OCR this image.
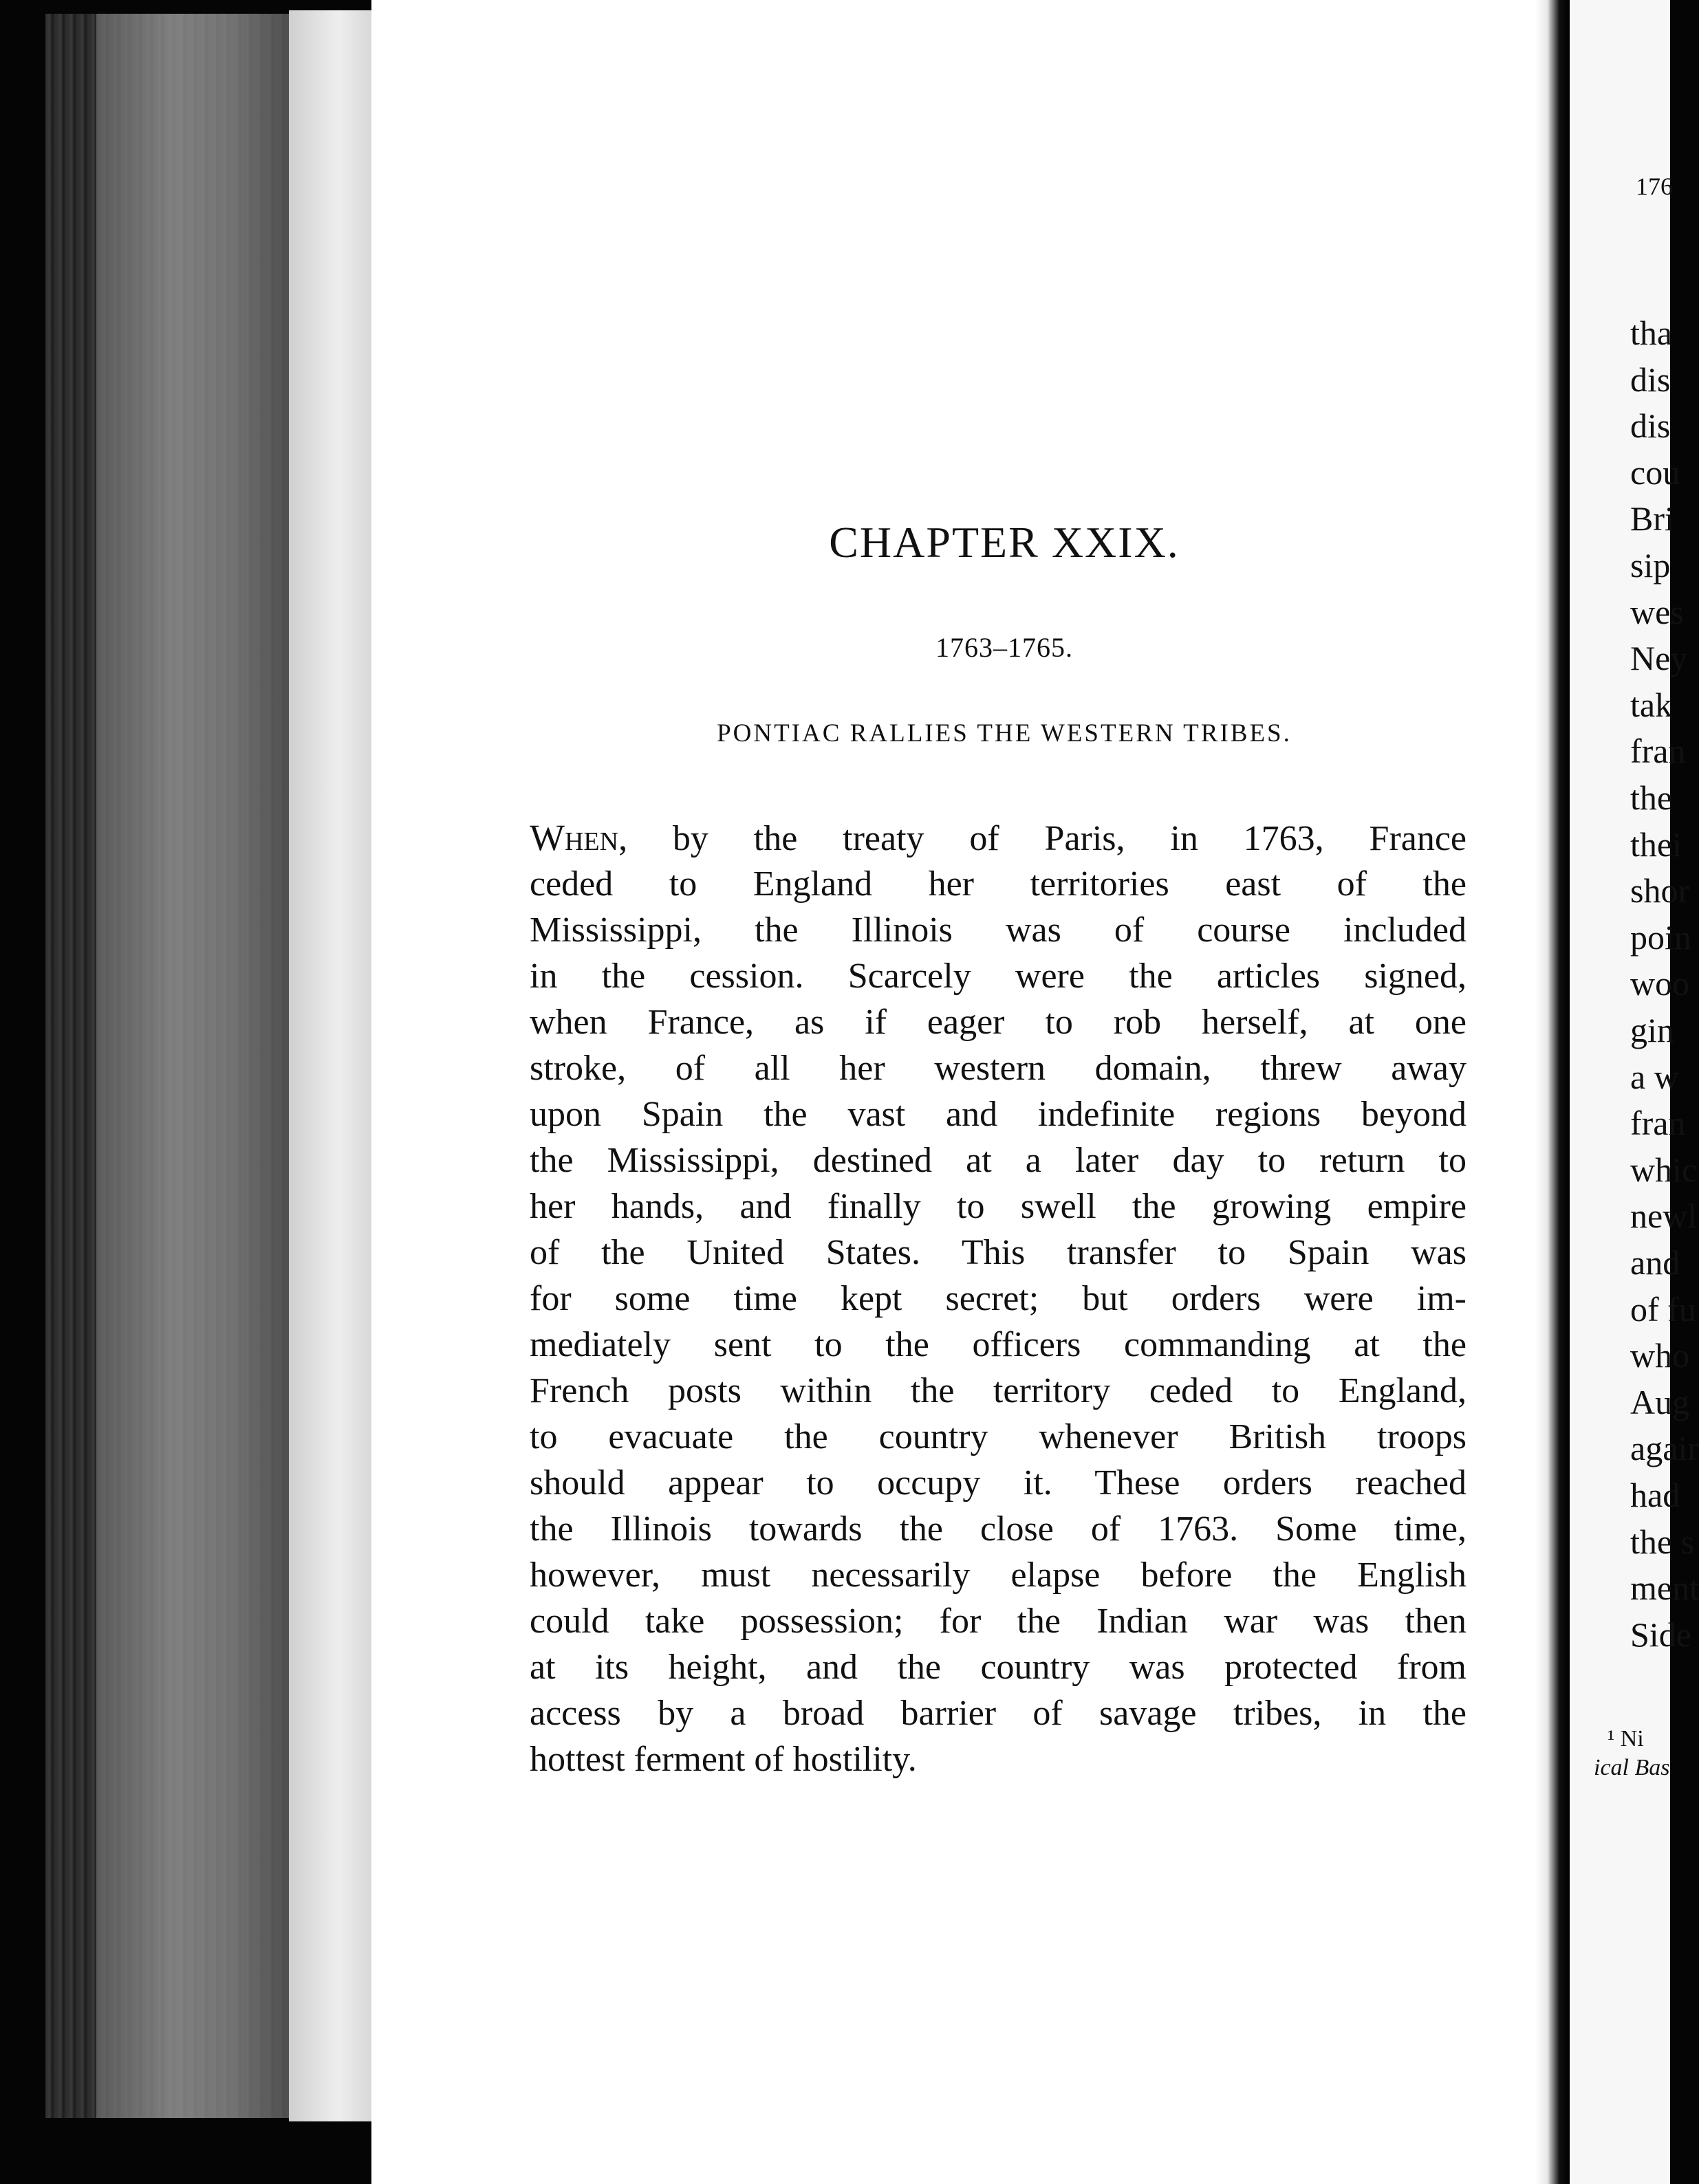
CHAPTER XXIX.
1763–1765.
PONTIAC RALLIES THE WESTERN TRIBES.
When, by the treaty of Paris, in 1763, France
ceded to England her territories east of the
Mississippi, the Illinois was of course included
in the cession. Scarcely were the articles signed,
when France, as if eager to rob herself, at one
stroke, of all her western domain, threw away
upon Spain the vast and indefinite regions beyond
the Mississippi, destined at a later day to return to
her hands, and finally to swell the growing empire
of the United States. This transfer to Spain was
for some time kept secret; but orders were im-
mediately sent to the officers commanding at the
French posts within the territory ceded to England,
to evacuate the country whenever British troops
should appear to occupy it. These orders reached
the Illinois towards the close of 1763. Some time,
however, must necessarily elapse before the English
could take possession; for the Indian war was then
at its height, and the country was protected from
access by a broad barrier of savage tribes, in the
hottest ferment of hostility.
176
tha
dis
dis
cou
Bri
sip
wes
Ney
tak
fran
the
thei
shor
poin
woo
gin
a w
fran
whic
newl
and
of fu
who
Aug
agair
had
the s
ment
Side
¹ Ni
ical Bas
